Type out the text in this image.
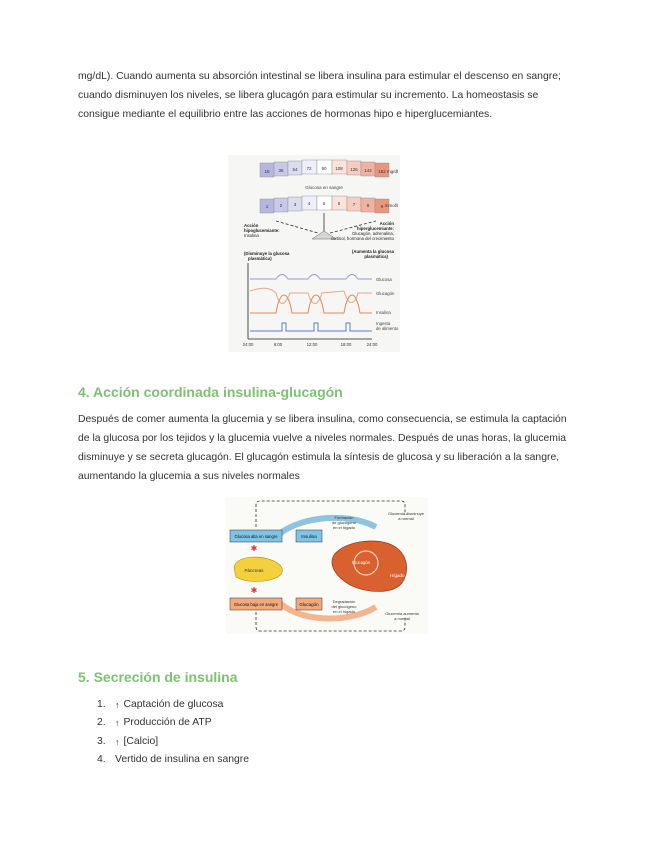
mg/dL). Cuando aumenta su absorción intestinal se libera insulina para estimular el descenso en sangre; cuando disminuyen los niveles, se libera glucagón para estimular su incremento. La homeostasis se consigue mediante el equilibrio entre las acciones de hormonas hipo e hiperglucemiantes.

4. Acción coordinada insulina-glucagón

Después de comer aumenta la glucemia y se libera insulina, como consecuencia, se estimula la captación de la glucosa por los tejidos y la glucemia vuelve a niveles normales. Después de unas horas, la glucemia disminuye y se secreta glucagón. El glucagón estimula la síntesis de glucosa y su liberación a la sangre, aumentando la glucemia a sus niveles normales

5. Secreción de insulina
1.	↑ Captación de glucosa
2.	↑ Producción de ATP
3.	↑ [Calcio]
4. Vertido de insulina en sangre
18 36 54 72 90 108 126 144 162 mg/dl
Glucosa en sangre
1	2	3	4	5	6	7	8	9 mmol/l
Acción
hipoglucemiante:
Insulina
Acción
hiperglucemiante:
Glucagón, adrenalina,
cortisol, hormona del crecimiento
(Disminuye la glucosa
plasmática)
(Aumenta la glucosa
plasmática)
Glucosa
Glucagón
Insulina
Ingesta
de alimento
24:00	6:00	12:00	18:00	24:00
Glucosa alta en sangre	Insulina
Glucosa baja en sangre	Glucagón
Páncreas
✱
✱
Glucagón
Hígado
Formación
de glucógeno
en el hígado
Degradación
del glucógeno
en el hígado
Glucemia disminuye
a normal
Glucemia aumenta
a normal
